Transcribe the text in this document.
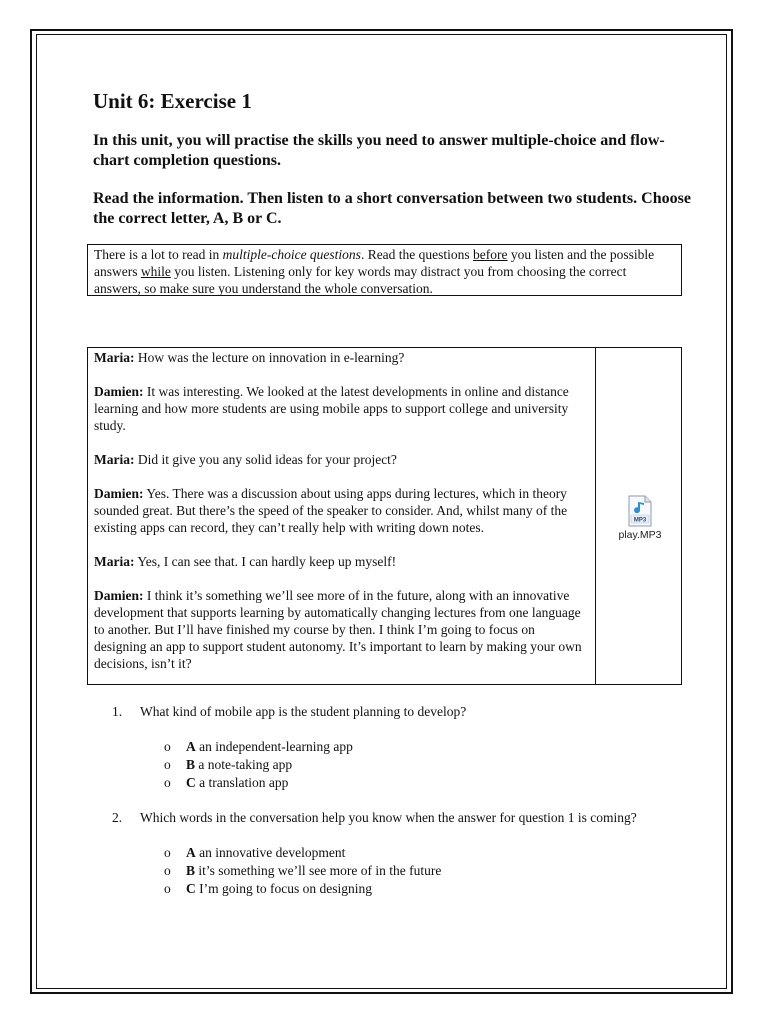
Unit 6: Exercise 1

In this unit, you will practise the skills you need to answer multiple-choice and flow-chart completion questions.

Read the information. Then listen to a short conversation between two students. Choose the correct letter, A, B or C.

There is a lot to read in multiple-choice questions. Read the questions before you listen and the possible answers while you listen. Listening only for key words may distract you from choosing the correct answers, so make sure you understand the whole conversation.

Maria: How was the lecture on innovation in e-learning?

Damien: It was interesting. We looked at the latest developments in online and distance learning and how more students are using mobile apps to support college and university study.

Maria: Did it give you any solid ideas for your project?

Damien: Yes. There was a discussion about using apps during lectures, which in theory sounded great. But there’s the speed of the speaker to consider. And, whilst many of the existing apps can record, they can’t really help with writing down notes.

Maria: Yes, I can see that. I can hardly keep up myself!

Damien: I think it’s something we’ll see more of in the future, along with an innovative development that supports learning by automatically changing lectures from one language to another. But I’ll have finished my course by then. I think I’m going to focus on designing an app to support student autonomy. It’s important to learn by making your own decisions, isn’t it?

MP3
play.MP3

1. What kind of mobile app is the student planning to develop?

o A an independent-learning app
o B a note-taking app
o C a translation app

2. Which words in the conversation help you know when the answer for question 1 is coming?

o A an innovative development
o B it’s something we’ll see more of in the future
o C I’m going to focus on designing
